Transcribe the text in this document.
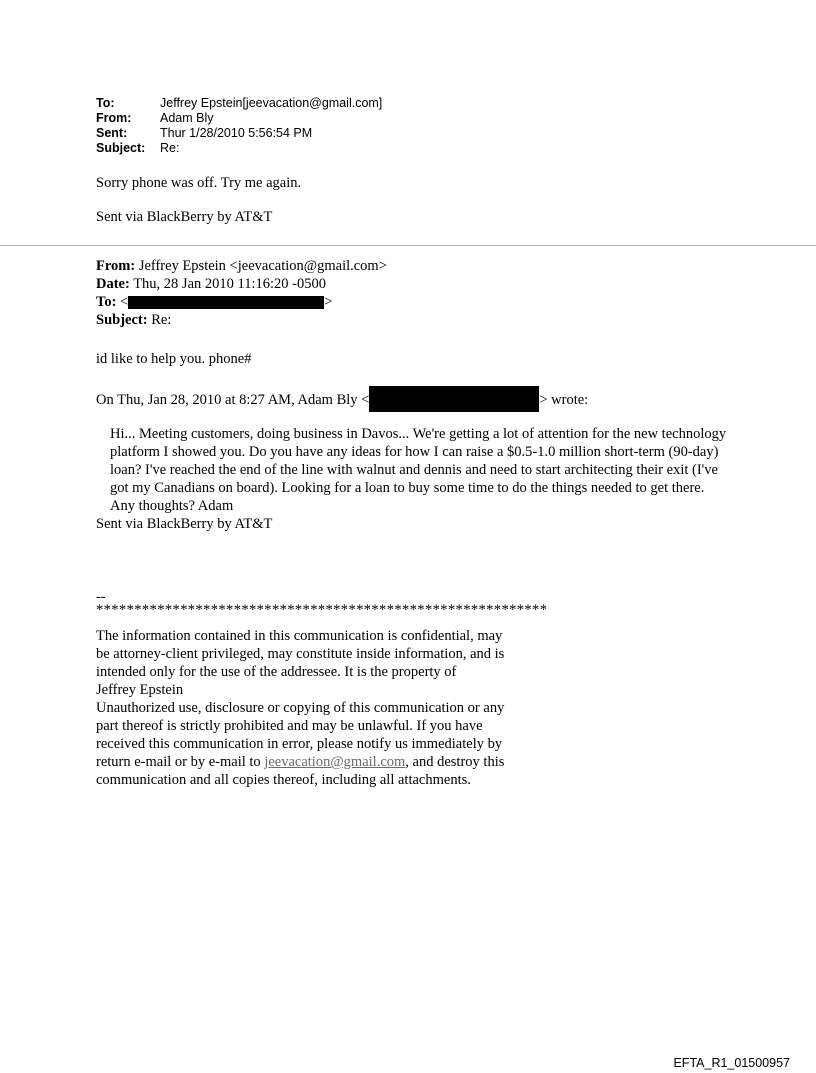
To:	Jeffrey Epstein[jeevacation@gmail.com]
From:	Adam Bly
Sent:	Thur 1/28/2010 5:56:54 PM
Subject:	Re:
Sorry phone was off. Try me again.
Sent via BlackBerry by AT&T
From: Jeffrey Epstein <jeevacation@gmail.com>
Date: Thu, 28 Jan 2010 11:16:20 -0500
To: <	>
Subject: Re:
id like to help you. phone#
On Thu, Jan 28, 2010 at 8:27 AM, Adam Bly <	> wrote:
Hi... Meeting customers, doing business in Davos... We're getting a lot of attention for the new technology platform I showed you. Do you have any ideas for how I can raise a $0.5-1.0 million short-term (90-day) loan? I've reached the end of the line with walnut and dennis and need to start architecting their exit (I've got my Canadians on board). Looking for a loan to buy some time to do the things needed to get there. Any thoughts? Adam
Sent via BlackBerry by AT&T
--
***********************************************************

The information contained in this communication is confidential, may be attorney-client privileged, may constitute inside information, and is intended only for the use of the addressee. It is the property of

Jeffrey Epstein

Unauthorized use, disclosure or copying of this communication or any part thereof is strictly prohibited and may be unlawful. If you have received this communication in error, please notify us immediately by return e-mail or by e-mail to jeevacation@gmail.com, and destroy this communication and all copies thereof, including all attachments.

EFTA_R1_01500957
